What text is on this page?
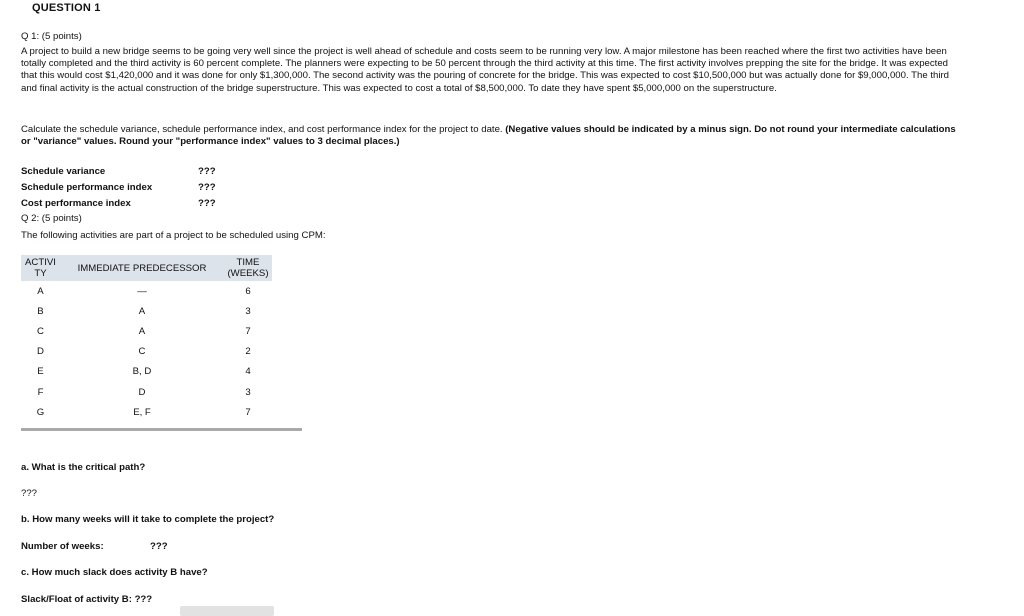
QUESTION 1
Q 1: (5 points)
A project to build a new bridge seems to be going very well since the project is well ahead of schedule and costs seem to be running very low. A major milestone has been reached where the first two activities have been totally completed and the third activity is 60 percent complete. The planners were expecting to be 50 percent through the third activity at this time. The first activity involves prepping the site for the bridge. It was expected that this would cost $1,420,000 and it was done for only $1,300,000. The second activity was the pouring of concrete for the bridge. This was expected to cost $10,500,000 but was actually done for $9,000,000. The third and final activity is the actual construction of the bridge superstructure. This was expected to cost a total of $8,500,000. To date they have spent $5,000,000 on the superstructure.
Calculate the schedule variance, schedule performance index, and cost performance index for the project to date. (Negative values should be indicated by a minus sign. Do not round your intermediate calculations or "variance" values. Round your "performance index" values to 3 decimal places.)
Schedule variance	???
Schedule performance index	???
Cost performance index	???
Q 2: (5 points)
The following activities are part of a project to be scheduled using CPM:
ACTIVI
TY	IMMEDIATE PREDECESSOR	TIME
(WEEKS)
A	—	6
B	A	3
C	A	7
D	C	2
E	B, D	4
F	D	3
G	E, F	7
a. What is the critical path?
???
b. How many weeks will it take to complete the project?
Number of weeks:	???
c. How much slack does activity B have?
Slack/Float of activity B: ???
